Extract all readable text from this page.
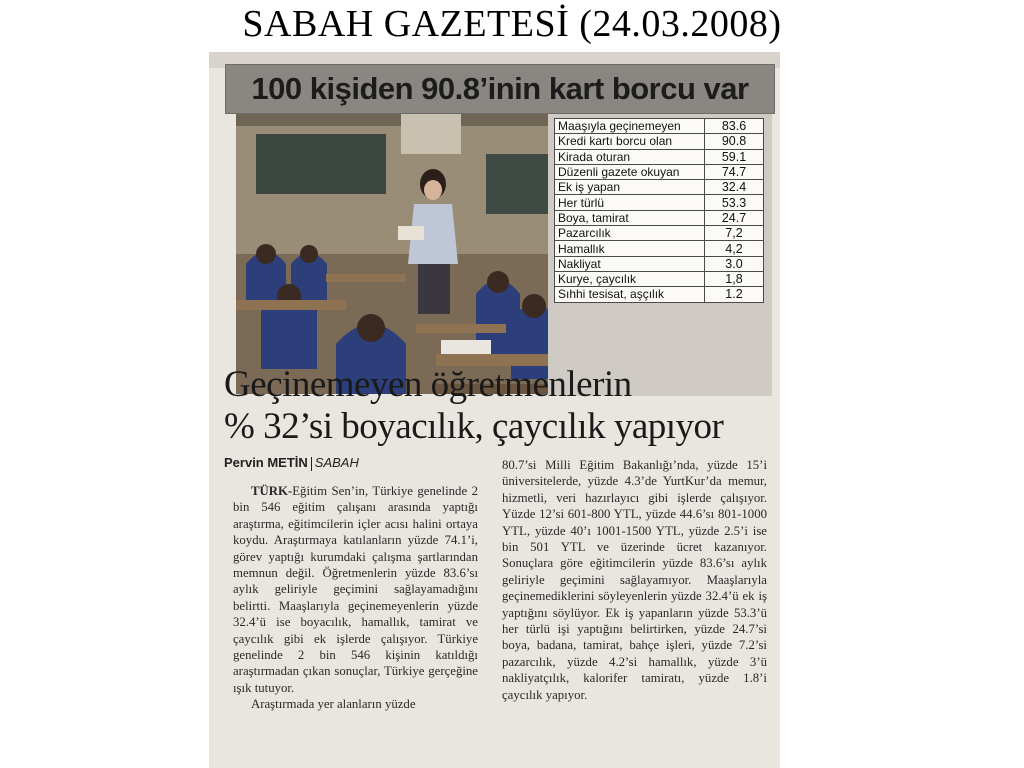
SABAH GAZETESİ (24.03.2008)
100 kişiden 90.8’inin kart borcu var
Maaşıyla geçinemeyen	83.6
Kredi kartı borcu olan	90.8
Kirada oturan	59.1
Düzenli gazete okuyan	74.7
Ek iş yapan	32.4
Her türlü	53.3
Boya, tamirat	24.7
Pazarcılık	7,2
Hamallık	4,2
Nakliyat	3.0
Kurye, çaycılık	1,8
Sıhhi tesisat, aşçılık	1.2
Geçinemeyen öğretmenlerin
% 32’si boyacılık, çaycılık yapıyor
Pervin METİN SABAH

TÜRK-Eğitim Sen’in, Türkiye genelinde 2 bin 546 eğitim çalışanı arasında yaptığı araştırma, eğitimcilerin içler acısı halini ortaya koydu. Araştırmaya katılanların yüzde 74.1’i, görev yaptığı kurumdaki çalışma şartlarından memnun değil. Öğretmenlerin yüzde 83.6’sı aylık geliriyle geçimini sağlayamadığını belirtti. Maaşlarıyla geçinemeyenlerin yüzde 32.4’ü ise boyacılık, hamallık, tamirat ve çaycılık gibi ek işlerde çalışıyor. Türkiye genelinde 2 bin 546 kişinin katıldığı araştırmadan çıkan sonuçlar, Türkiye gerçeğine ışık tutuyor.

Araştırmada yer alanların yüzde

80.7’si Milli Eğitim Bakanlığı’nda, yüzde 15’i üniversitelerde, yüzde 4.3’de YurtKur’da memur, hizmetli, veri hazırlayıcı gibi işlerde çalışıyor. Yüzde 12’si 601-800 YTL, yüzde 44.6’sı 801-1000 YTL, yüzde 40’ı 1001-1500 YTL, yüzde 2.5’i ise bin 501 YTL ve üzerinde ücret kazanıyor. Sonuçlara göre eğitimcilerin yüzde 83.6’sı aylık geliriyle geçimini sağlayamıyor. Maaşlarıyla geçinemediklerini söyleyenlerin yüzde 32.4’ü ek iş yaptığını söylüyor. Ek iş yapanların yüzde 53.3’ü her türlü işi yaptığını belirtirken, yüzde 24.7’si boya, badana, tamirat, bahçe işleri, yüzde 7.2’si pazarcılık, yüzde 4.2’si hamallık, yüzde 3’ü nakliyatçılık, kalorifer tamiratı, yüzde 1.8’i çaycılık yapıyor.
